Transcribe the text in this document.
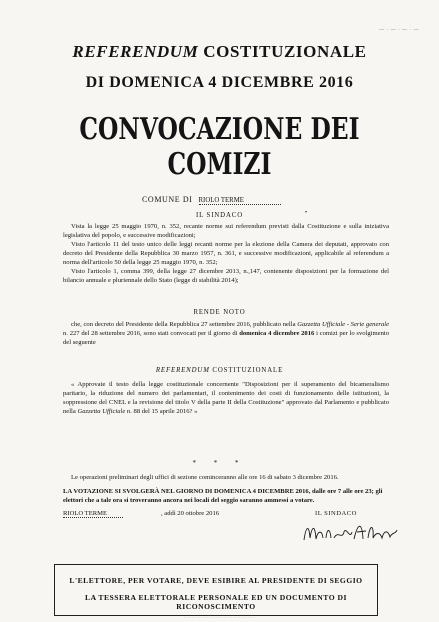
— · — · — · —
REFERENDUM COSTITUZIONALE
DI DOMENICA 4 DICEMBRE 2016
CONVOCAZIONE DEI COMIZI
COMUNE DI RIOLO TERME
IL SINDACO	•

Vista la legge 25 maggio 1970, n. 352, recante norme sui referendum previsti dalla Costituzione e sulla iniziativa legislativa del popolo, e successive modificazioni;

Visto l'articolo 11 del testo unico delle leggi recanti norme per la elezione della Camera dei deputati, approvato con decreto del Presidente della Repubblica 30 marzo 1957, n. 361, e successive modificazioni, applicabile al referendum a norma dell'articolo 50 della legge 25 maggio 1970, n. 352;

Visto l'articolo 1, comma 399, della legge 27 dicembre 2013, n.,147, contenente disposizioni per la formazione del bilancio annuale e pluriennale dello Stato (legge di stabilità 2014);

RENDE NOTO

che, con decreto del Presidente della Repubblica 27 settembre 2016, pubblicato nella Gazzetta Ufficiale - Serie generale n. 227 del 28 settembre 2016, sono stati convocati per il giorno di domenica 4 dicembre 2016 i comizi per lo svolgimento del seguente

REFERENDUM COSTITUZIONALE

« Approvate il testo della legge costituzionale concernente "Disposizioni per il superamento del bicameralismo paritario, la riduzione del numero dei parlamentari, il contenimento dei costi di funzionamento delle istituzioni, la soppressione del CNEL e la revisione del titolo V della parte II della Costituzione" approvato dal Parlamento e pubblicato nella Gazzetta Ufficiale n. 88 del 15 aprile 2016? »

* * *

Le operazioni preliminari degli uffici di sezione cominceranno alle ore 16 di sabato 3 dicembre 2016.

LA VOTAZIONE SI SVOLGERÀ NEL GIORNO DI DOMENICA 4 DICEMBRE 2016, dalle ore 7 alle ore 23; gli elettori che a tale ora si troveranno ancora nei locali del seggio saranno ammessi a votare.
RIOLO TERME	, addì 20 ottobre 2016	IL SINDACO
L'ELETTORE, PER VOTARE, DEVE ESIBIRE AL PRESIDENTE DI SEGGIO
LA TESSERA ELETTORALE PERSONALE ED UN DOCUMENTO DI RICONOSCIMENTO
· · · · · · · · · · · · · · · · · · · · · · · · · · · · · · · · · ·
